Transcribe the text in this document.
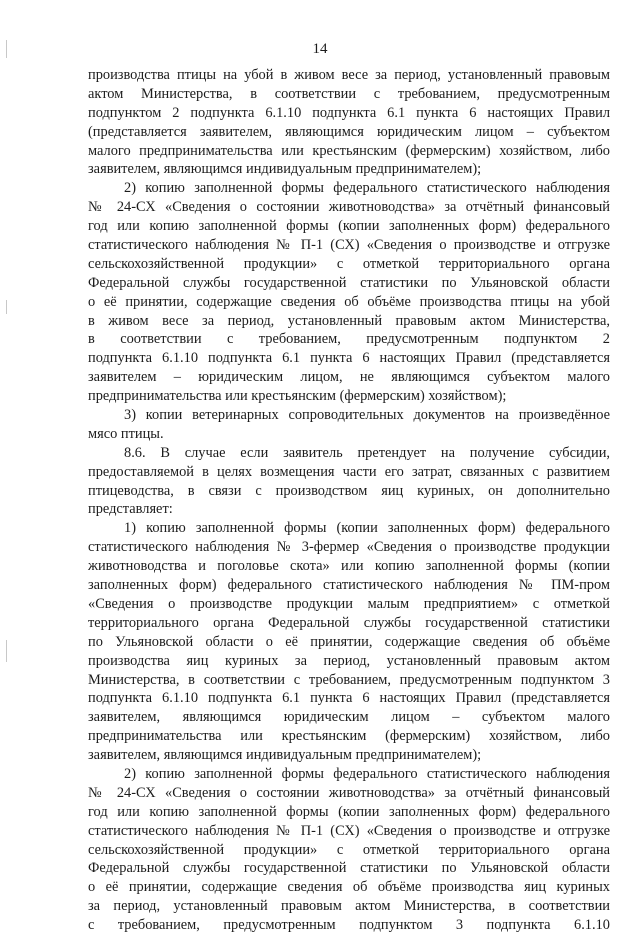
14
производства птицы на убой в живом весе за период, установленный правовым
актом Министерства, в соответствии с требованием, предусмотренным
подпунктом 2 подпункта 6.1.10 подпункта 6.1 пункта 6 настоящих Правил
(представляется заявителем, являющимся юридическим лицом – субъектом
малого предпринимательства или крестьянским (фермерским) хозяйством, либо
заявителем, являющимся индивидуальным предпринимателем);
2) копию заполненной формы федерального статистического наблюдения
№ 24-СХ «Сведения о состоянии животноводства» за отчётный финансовый
год или копию заполненной формы (копии заполненных форм) федерального
статистического наблюдения № П-1 (СХ) «Сведения о производстве и отгрузке
сельскохозяйственной продукции» с отметкой территориального органа
Федеральной службы государственной статистики по Ульяновской области
о её принятии, содержащие сведения об объёме производства птицы на убой
в живом весе за период, установленный правовым актом Министерства,
в соответствии с требованием, предусмотренным подпунктом 2
подпункта 6.1.10 подпункта 6.1 пункта 6 настоящих Правил (представляется
заявителем – юридическим лицом, не являющимся субъектом малого
предпринимательства или крестьянским (фермерским) хозяйством);
3) копии ветеринарных сопроводительных документов на произведённое
мясо птицы.
8.6. В случае если заявитель претендует на получение субсидии,
предоставляемой в целях возмещения части его затрат, связанных с развитием
птицеводства, в связи с производством яиц куриных, он дополнительно
представляет:
1) копию заполненной формы (копии заполненных форм) федерального
статистического наблюдения № 3-фермер «Сведения о производстве продукции
животноводства и поголовье скота» или копию заполненной формы (копии
заполненных форм) федерального статистического наблюдения № ПМ-пром
«Сведения о производстве продукции малым предприятием» с отметкой
территориального органа Федеральной службы государственной статистики
по Ульяновской области о её принятии, содержащие сведения об объёме
производства яиц куриных за период, установленный правовым актом
Министерства, в соответствии с требованием, предусмотренным подпунктом 3
подпункта 6.1.10 подпункта 6.1 пункта 6 настоящих Правил (представляется
заявителем, являющимся юридическим лицом – субъектом малого
предпринимательства или крестьянским (фермерским) хозяйством, либо
заявителем, являющимся индивидуальным предпринимателем);
2) копию заполненной формы федерального статистического наблюдения
№ 24-СХ «Сведения о состоянии животноводства» за отчётный финансовый
год или копию заполненной формы (копии заполненных форм) федерального
статистического наблюдения № П-1 (СХ) «Сведения о производстве и отгрузке
сельскохозяйственной продукции» с отметкой территориального органа
Федеральной службы государственной статистики по Ульяновской области
о её принятии, содержащие сведения об объёме производства яиц куриных
за период, установленный правовым актом Министерства, в соответствии
с требованием, предусмотренным подпунктом 3 подпункта 6.1.10
